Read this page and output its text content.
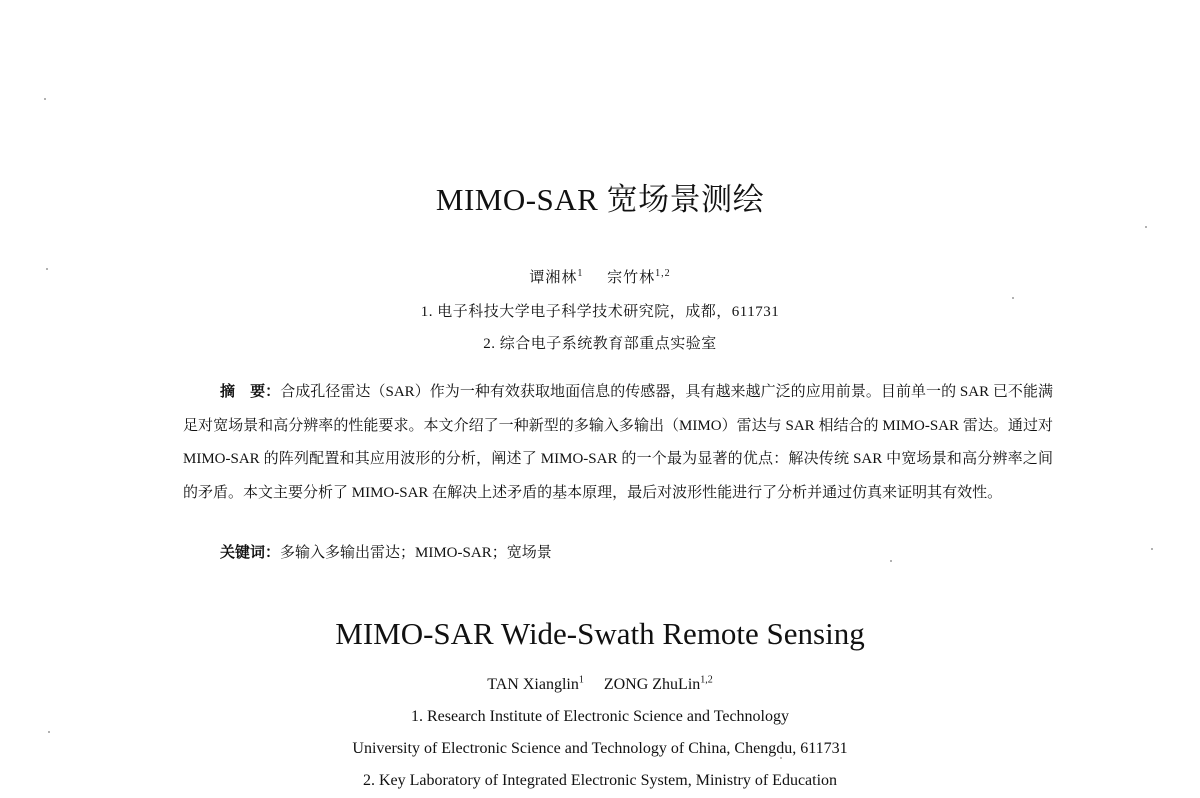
MIMO-SAR 宽场景测绘
谭湘林$^1$ 宗竹林$^{1,2}$
1. 电子科技大学电子科学技术研究院，成都，611731
2. 综合电子系统教育部重点实验室
摘　要：合成孔径雷达（SAR）作为一种有效获取地面信息的传感器，具有越来越广泛的应用前景。目前单一的 SAR 已不能满足对宽场景和高分辨率的性能要求。本文介绍了一种新型的多输入多输出（MIMO）雷达与 SAR 相结合的 MIMO-SAR 雷达。通过对 MIMO-SAR 的阵列配置和其应用波形的分析，阐述了 MIMO-SAR 的一个最为显著的优点：解决传统 SAR 中宽场景和高分辨率之间的矛盾。本文主要分析了 MIMO-SAR 在解决上述矛盾的基本原理，最后对波形性能进行了分析并通过仿真来证明其有效性。
关键词：多输入多输出雷达；MIMO-SAR；宽场景
MIMO-SAR Wide-Swath Remote Sensing
TAN Xianglin$^1$ ZONG ZhuLin$^{1,2}$
1. Research Institute of Electronic Science and Technology
University of Electronic Science and Technology of China, Chengdu, 611731
2. Key Laboratory of Integrated Electronic System, Ministry of Education
